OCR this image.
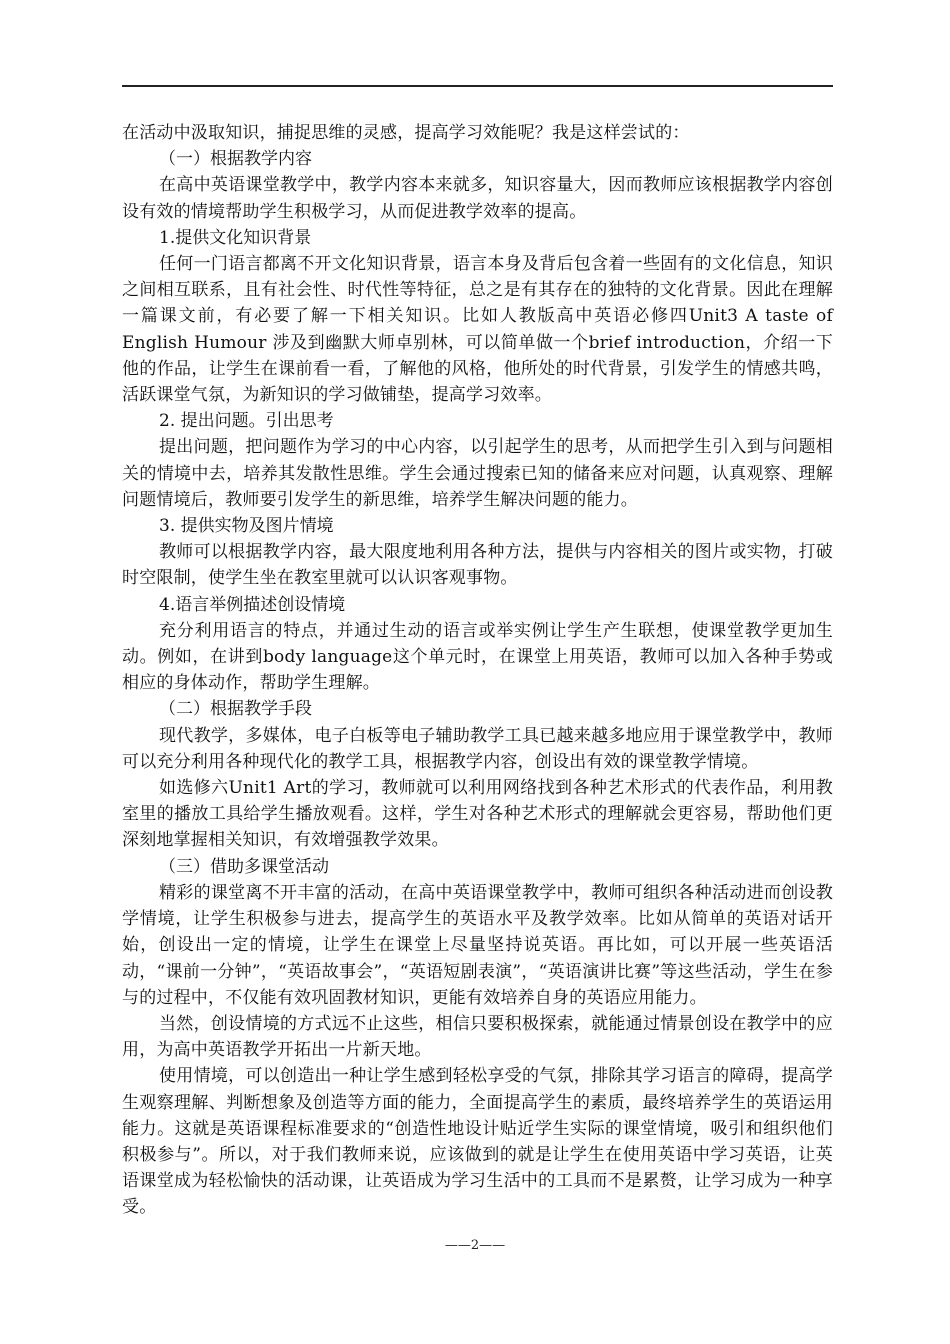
在活动中汲取知识，捕捉思维的灵感，提高学习效能呢？我是这样尝试的：

（一）根据教学内容

在高中英语课堂教学中，教学内容本来就多，知识容量大，因而教师应该根据教学内容创设有效的情境帮助学生积极学习，从而促进教学效率的提高。

1.提供文化知识背景

任何一门语言都离不开文化知识背景，语言本身及背后包含着一些固有的文化信息，知识之间相互联系，且有社会性、时代性等特征，总之是有其存在的独特的文化背景。因此在理解一篇课文前，有必要了解一下相关知识。比如人教版高中英语必修四Unit3 A taste of English Humour 涉及到幽默大师卓别林，可以简单做一个brief introduction，介绍一下他的作品，让学生在课前看一看，了解他的风格，他所处的时代背景，引发学生的情感共鸣，活跃课堂气氛，为新知识的学习做铺垫，提高学习效率。

2. 提出问题。引出思考

提出问题，把问题作为学习的中心内容，以引起学生的思考，从而把学生引入到与问题相关的情境中去，培养其发散性思维。学生会通过搜索已知的储备来应对问题，认真观察、理解问题情境后，教师要引发学生的新思维，培养学生解决问题的能力。

3. 提供实物及图片情境

教师可以根据教学内容，最大限度地利用各种方法，提供与内容相关的图片或实物，打破时空限制，使学生坐在教室里就可以认识客观事物。

4.语言举例描述创设情境

充分利用语言的特点，并通过生动的语言或举实例让学生产生联想，使课堂教学更加生动。例如，在讲到body language这个单元时，在课堂上用英语，教师可以加入各种手势或相应的身体动作，帮助学生理解。

（二）根据教学手段

现代教学，多媒体，电子白板等电子辅助教学工具已越来越多地应用于课堂教学中，教师可以充分利用各种现代化的教学工具，根据教学内容，创设出有效的课堂教学情境。

如选修六Unit1 Art的学习，教师就可以利用网络找到各种艺术形式的代表作品，利用教室里的播放工具给学生播放观看。这样，学生对各种艺术形式的理解就会更容易，帮助他们更深刻地掌握相关知识，有效增强教学效果。

（三）借助多课堂活动

精彩的课堂离不开丰富的活动，在高中英语课堂教学中，教师可组织各种活动进而创设教学情境，让学生积极参与进去，提高学生的英语水平及教学效率。比如从简单的英语对话开始，创设出一定的情境，让学生在课堂上尽量坚持说英语。再比如，可以开展一些英语活动，“课前一分钟”，“英语故事会”，“英语短剧表演”，“英语演讲比赛”等这些活动，学生在参与的过程中，不仅能有效巩固教材知识，更能有效培养自身的英语应用能力。

当然，创设情境的方式远不止这些，相信只要积极探索，就能通过情景创设在教学中的应用，为高中英语教学开拓出一片新天地。

使用情境，可以创造出一种让学生感到轻松享受的气氛，排除其学习语言的障碍，提高学生观察理解、判断想象及创造等方面的能力，全面提高学生的素质，最终培养学生的英语运用能力。这就是英语课程标准要求的“创造性地设计贴近学生实际的课堂情境，吸引和组织他们积极参与”。所以，对于我们教师来说，应该做到的就是让学生在使用英语中学习英语，让英语课堂成为轻松愉快的活动课，让英语成为学习生活中的工具而不是累赘，让学习成为一种享受。

——2——
